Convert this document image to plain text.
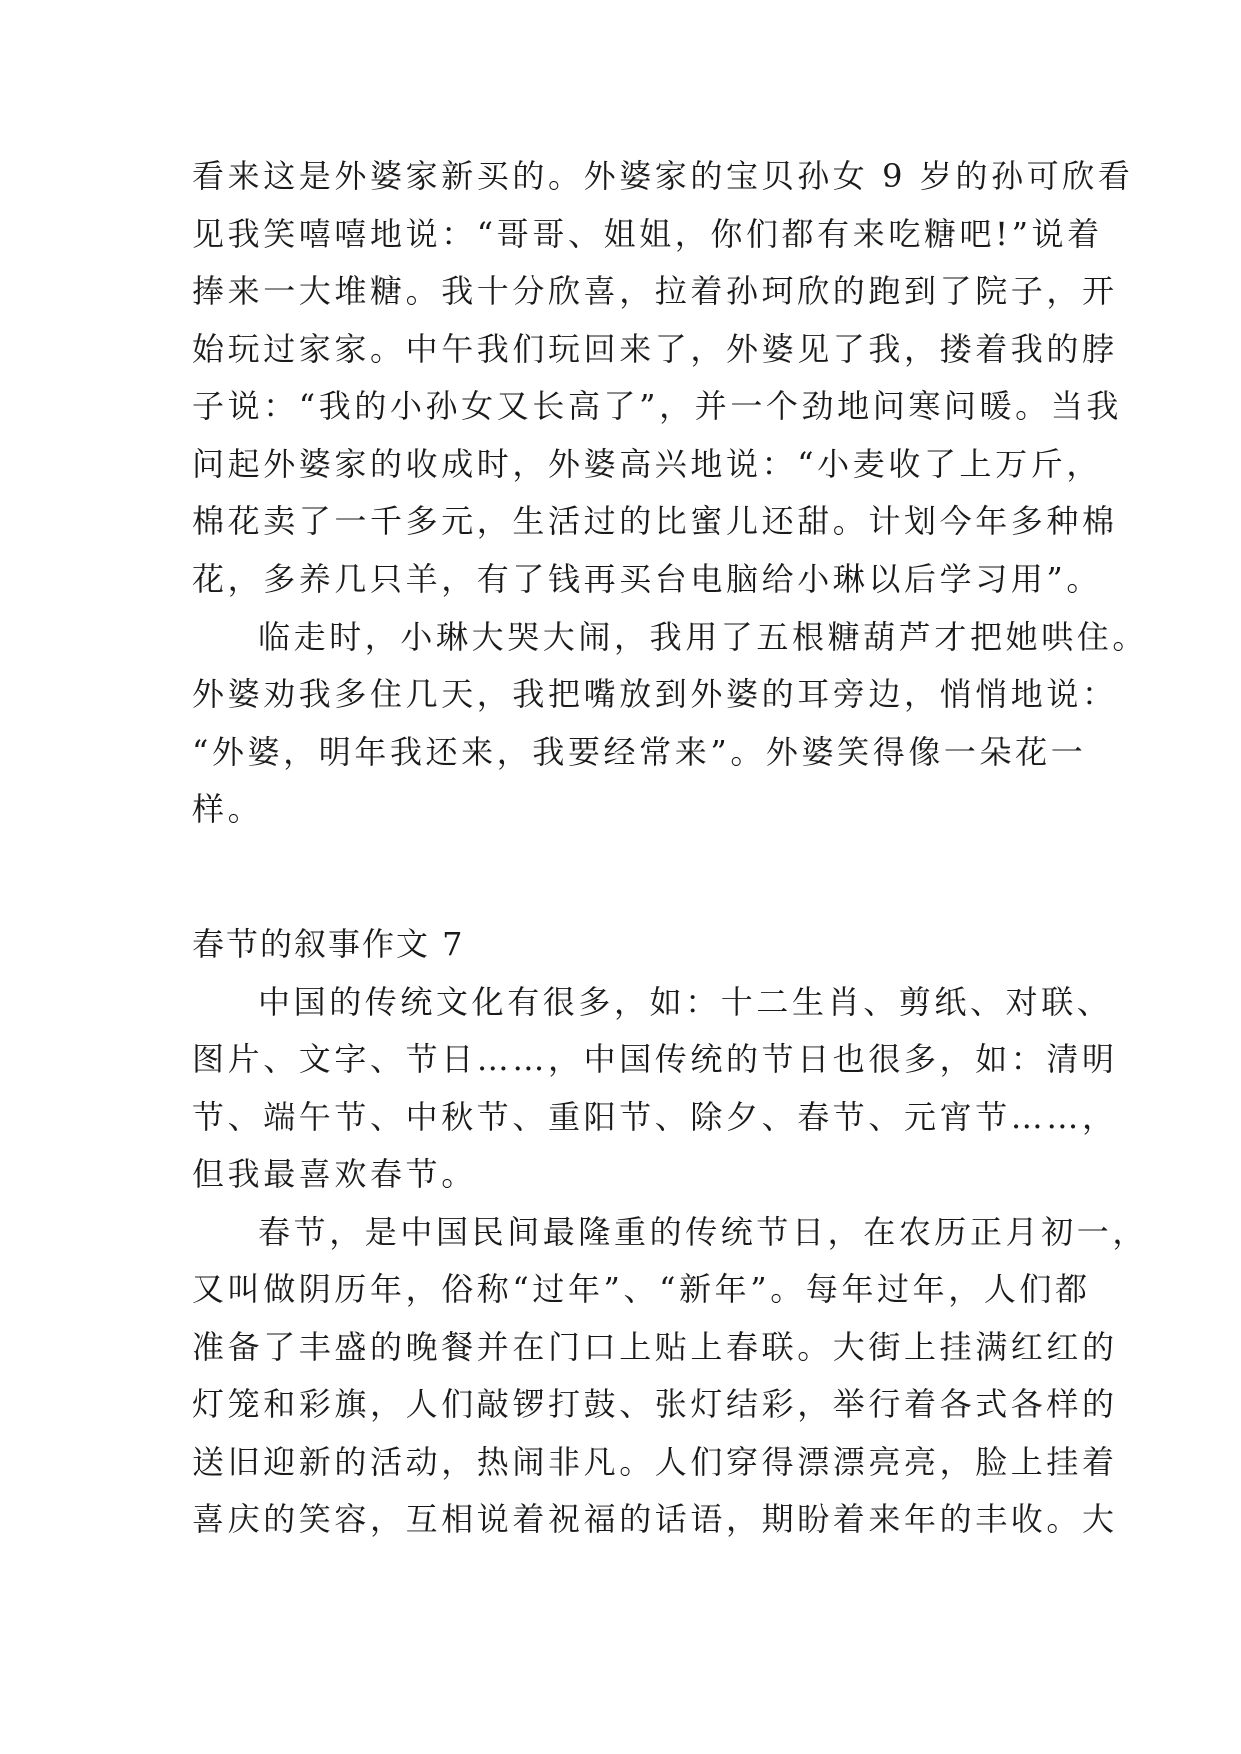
看来这是外婆家新买的。外婆家的宝贝孙女 9 岁的孙可欣看
见我笑嘻嘻地说：“哥哥、姐姐，你们都有来吃糖吧!”说着
捧来一大堆糖。我十分欣喜，拉着孙珂欣的跑到了院子，开
始玩过家家。中午我们玩回来了，外婆见了我，搂着我的脖
子说：“我的小孙女又长高了”，并一个劲地问寒问暖。当我
问起外婆家的收成时，外婆高兴地说：“小麦收了上万斤，
棉花卖了一千多元，生活过的比蜜儿还甜。计划今年多种棉
花，多养几只羊，有了钱再买台电脑给小琳以后学习用”。
临走时，小琳大哭大闹，我用了五根糖葫芦才把她哄住。
外婆劝我多住几天，我把嘴放到外婆的耳旁边，悄悄地说：
“外婆，明年我还来，我要经常来”。外婆笑得像一朵花一
样。
春节的叙事作文 7
中国的传统文化有很多，如：十二生肖、剪纸、对联、
图片、文字、节日……，中国传统的节日也很多，如：清明
节、端午节、中秋节、重阳节、除夕、春节、元宵节……，
但我最喜欢春节。
春节，是中国民间最隆重的传统节日，在农历正月初一，
又叫做阴历年，俗称“过年”、“新年”。每年过年，人们都
准备了丰盛的晚餐并在门口上贴上春联。大街上挂满红红的
灯笼和彩旗，人们敲锣打鼓、张灯结彩，举行着各式各样的
送旧迎新的活动，热闹非凡。人们穿得漂漂亮亮，脸上挂着
喜庆的笑容，互相说着祝福的话语，期盼着来年的丰收。大
